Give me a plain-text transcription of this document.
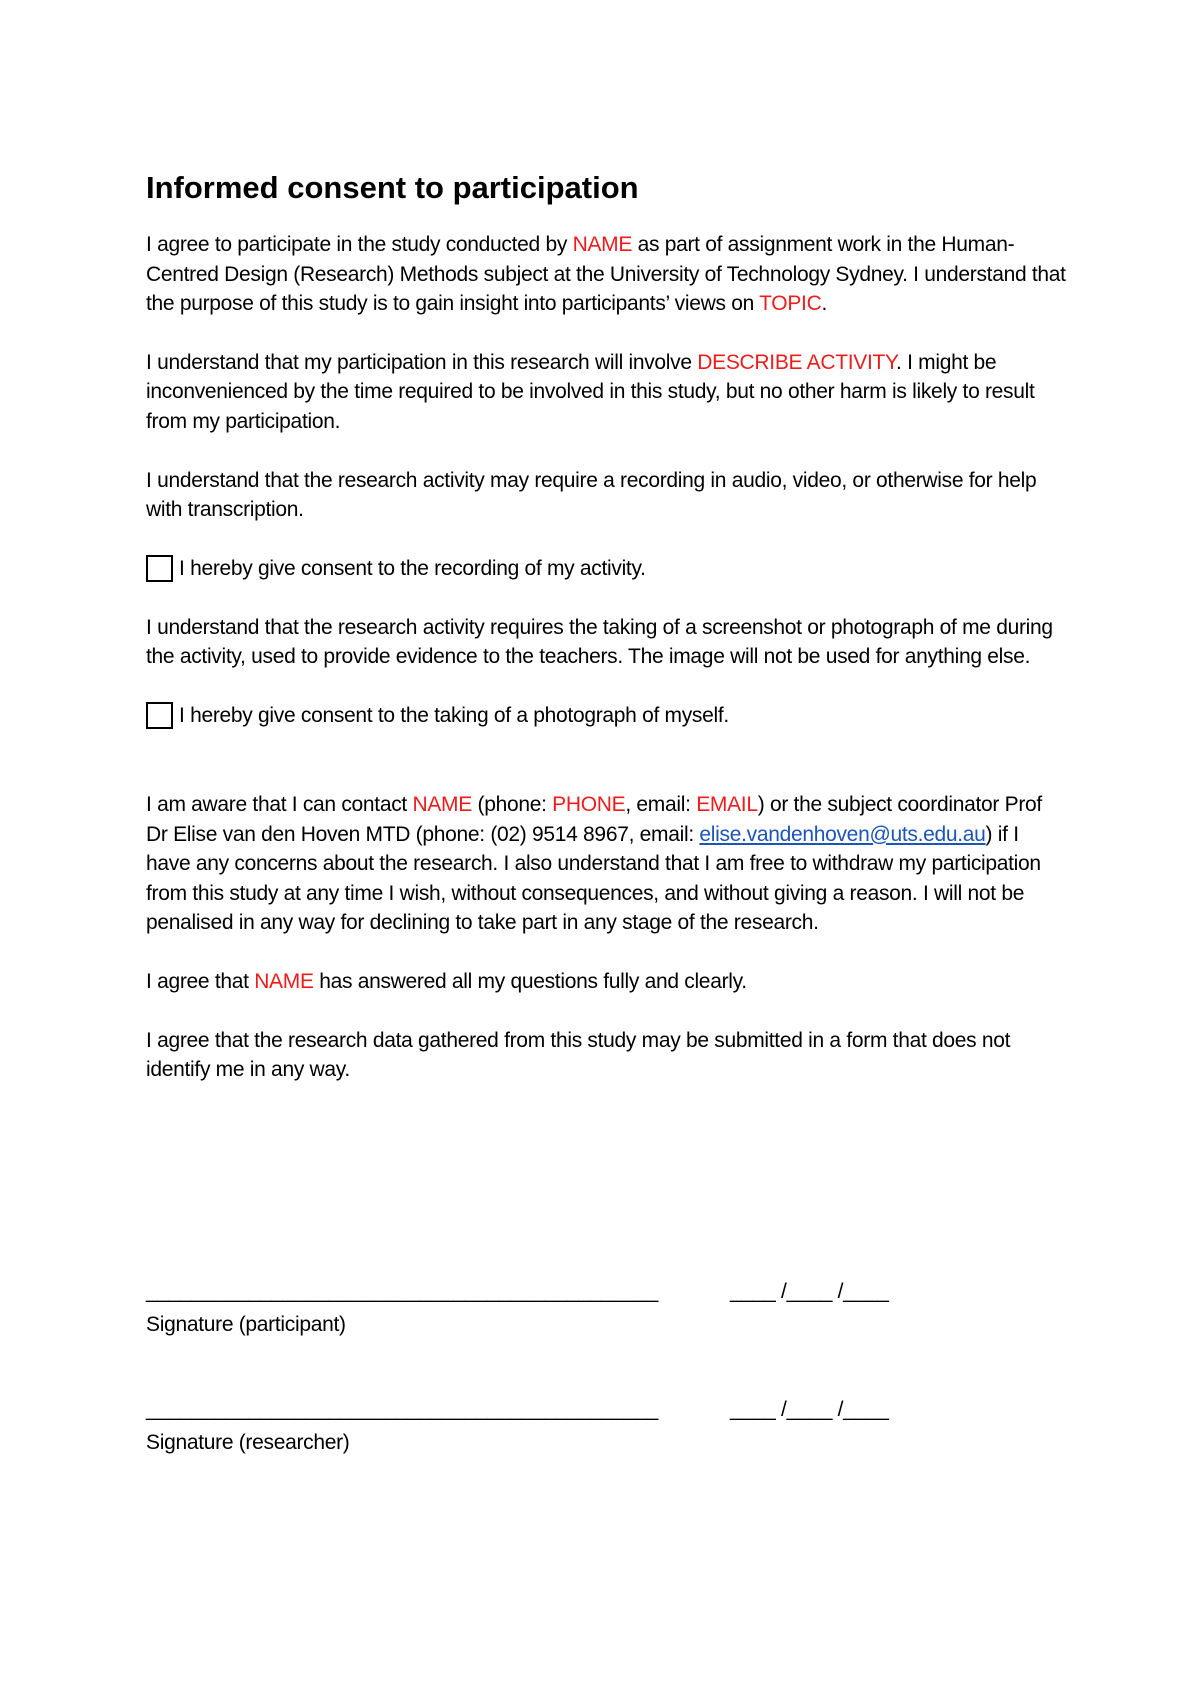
Informed consent to participation

I agree to participate in the study conducted by NAME as part of assignment work in the Human-Centred Design (Research) Methods subject at the University of Technology Sydney. I understand that the purpose of this study is to gain insight into participants’ views on TOPIC.

I understand that my participation in this research will involve DESCRIBE ACTIVITY. I might be inconvenienced by the time required to be involved in this study, but no other harm is likely to result from my participation.

I understand that the research activity may require a recording in audio, video, or otherwise for help with transcription.

I hereby give consent to the recording of my activity.

I understand that the research activity requires the taking of a screenshot or photograph of me during the activity, used to provide evidence to the teachers. The image will not be used for anything else.

I hereby give consent to the taking of a photograph of myself.

I am aware that I can contact NAME (phone: PHONE, email: EMAIL) or the subject coordinator Prof Dr Elise van den Hoven MTD (phone: (02) 9514 8967, email: elise.vandenhoven@uts.edu.au) if I have any concerns about the research. I also understand that I am free to withdraw my participation from this study at any time I wish, without consequences, and without giving a reason. I will not be penalised in any way for declining to take part in any stage of the research.

I agree that NAME has answered all my questions fully and clearly.

I agree that the research data gathered from this study may be submitted in a form that does not identify me in any way.

_____________________________________________	____ /____ /____
Signature (participant)
_____________________________________________	____ /____ /____
Signature (researcher)
